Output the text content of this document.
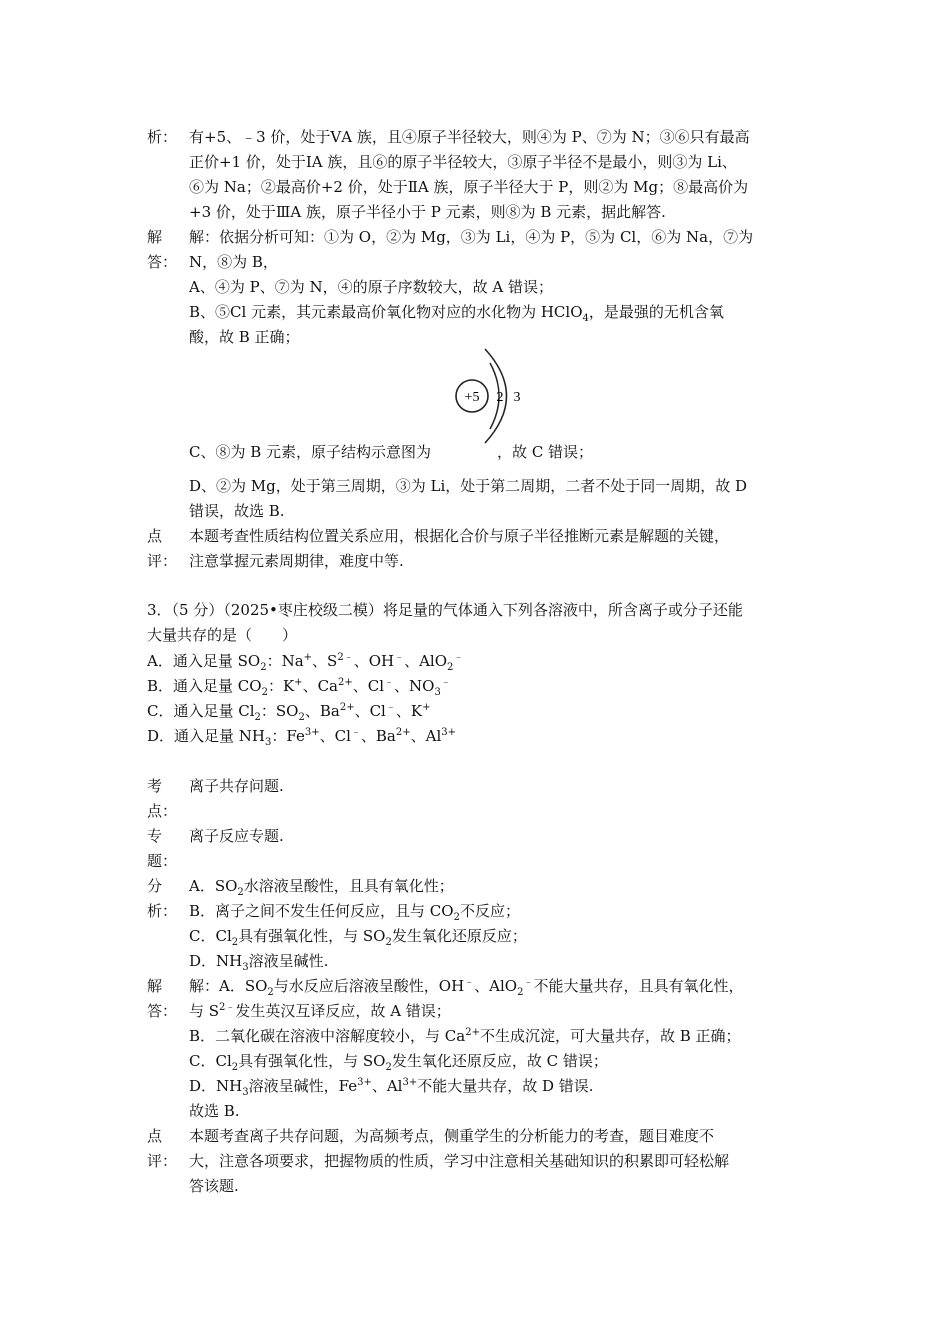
析： 有+5、﹣3 价，处于ⅤA 族，且④原子半径较大，则④为 P、⑦为 N；③⑥只有最高
正价+1 价，处于ⅠA 族，且⑥的原子半径较大，③原子半径不是最小，则③为 Li、
⑥为 Na；②最高价+2 价，处于ⅡA 族，原子半径大于 P，则②为 Mg；⑧最高价为
+3 价，处于ⅢA 族，原子半径小于 P 元素，则⑧为 B 元素，据此解答.
解
答：
解：依据分析可知：①为 O，②为 Mg，③为 Li，④为 P，⑤为 Cl，⑥为 Na，⑦为
N，⑧为 B，
A、④为 P、⑦为 N，④的原子序数较大，故 A 错误；
B、⑤Cl 元素，其元素最高价氧化物对应的水化物为 HClO$_4$，是最强的无机含氧
酸，故 B 正确；
+5 2 3
C、⑧为 B 元素，原子结构示意图为	，故 C 错误；
D、②为 Mg，处于第三周期，③为 Li，处于第二周期，二者不处于同一周期，故 D
错误，故选 B.
点
评：
本题考查性质结构位置关系应用，根据化合价与原子半径推断元素是解题的关键，
注意掌握元素周期律，难度中等.
3．（5 分）（2025•枣庄校级二模）将足量的气体通入下列各溶液中，所含离子或分子还能
大量共存的是（　　）
A．通入足量 $SO_2$：Na+、$S^{2﹣}$、OH﹣、AlO$_2$﹣
B．通入足量 $CO_2$：K+、$Ca^{2+}$、Cl﹣、$NO_3^﹣$
C．通入足量 $Cl_2$：$SO_2$、$Ba^{2+}$、Cl﹣、K+
D．通入足量 $NH_3$：$Fe^{3+}$、Cl﹣、$Ba^{2+}$、$Al^{3+}$
考
点：
离子共存问题.
专
题：
离子反应专题.
分
析：
A．$SO_2$水溶液呈酸性，且具有氧化性；
B．离子之间不发生任何反应，且与 $CO_2$不反应；
C．$Cl_2$具有强氧化性，与 $SO_2$发生氧化还原反应；
D．$NH_3$溶液呈碱性.
解
答：
解：A．$SO_2$与水反应后溶液呈酸性，OH﹣、AlO$_2$﹣不能大量共存，且具有氧化性，
与 $S^{2﹣}$发生英汉互译反应，故 A 错误；
B．二氧化碳在溶液中溶解度较小，与 $Ca^{2+}$不生成沉淀，可大量共存，故 B 正确；
C．$Cl_2$具有强氧化性，与 $SO_2$发生氧化还原反应，故 C 错误；
D．$NH_3$溶液呈碱性，$Fe^{3+}$、$Al^{3+}$不能大量共存，故 D 错误.
故选 B.
点
评：
本题考查离子共存问题，为高频考点，侧重学生的分析能力的考查，题目难度不
大，注意各项要求，把握物质的性质，学习中注意相关基础知识的积累即可轻松解
答该题.
